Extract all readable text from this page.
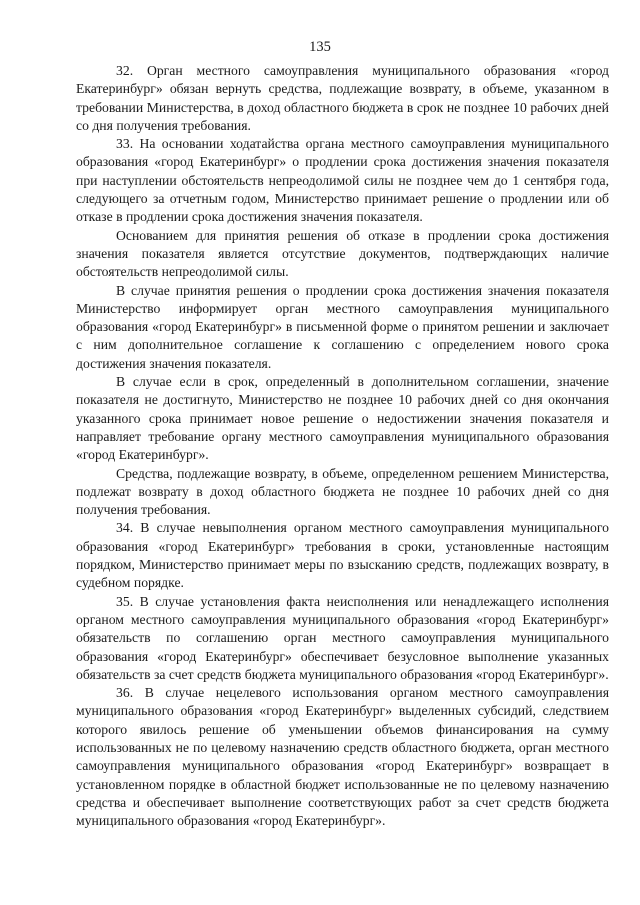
135

32. Орган местного самоуправления муниципального образования «город Екатеринбург» обязан вернуть средства, подлежащие возврату, в объеме, указанном в требовании Министерства, в доход областного бюджета в срок не позднее 10 рабочих дней со дня получения требования.

33. На основании ходатайства органа местного самоуправления муниципального образования «город Екатеринбург» о продлении срока достижения значения показателя при наступлении обстоятельств непреодолимой силы не позднее чем до 1 сентября года, следующего за отчетным годом, Министерство принимает решение о продлении или об отказе в продлении срока достижения значения показателя.

Основанием для принятия решения об отказе в продлении срока достижения значения показателя является отсутствие документов, подтверждающих наличие обстоятельств непреодолимой силы.

В случае принятия решения о продлении срока достижения значения показателя Министерство информирует орган местного самоуправления муниципального образования «город Екатеринбург» в письменной форме о принятом решении и заключает с ним дополнительное соглашение к соглашению с определением нового срока достижения значения показателя.

В случае если в срок, определенный в дополнительном соглашении, значение показателя не достигнуто, Министерство не позднее 10 рабочих дней со дня окончания указанного срока принимает новое решение о недостижении значения показателя и направляет требование органу местного самоуправления муниципального образования «город Екатеринбург».

Средства, подлежащие возврату, в объеме, определенном решением Министерства, подлежат возврату в доход областного бюджета не позднее 10 рабочих дней со дня получения требования.

34. В случае невыполнения органом местного самоуправления муниципального образования «город Екатеринбург» требования в сроки, установленные настоящим порядком, Министерство принимает меры по взысканию средств, подлежащих возврату, в судебном порядке.

35. В случае установления факта неисполнения или ненадлежащего исполнения органом местного самоуправления муниципального образования «город Екатеринбург» обязательств по соглашению орган местного самоуправления муниципального образования «город Екатеринбург» обеспечивает безусловное выполнение указанных обязательств за счет средств бюджета муниципального образования «город Екатеринбург».

36. В случае нецелевого использования органом местного самоуправления муниципального образования «город Екатеринбург» выделенных субсидий, следствием которого явилось решение об уменьшении объемов финансирования на сумму использованных не по целевому назначению средств областного бюджета, орган местного самоуправления муниципального образования «город Екатеринбург» возвращает в установленном порядке в областной бюджет использованные не по целевому назначению средства и обеспечивает выполнение соответствующих работ за счет средств бюджета муниципального образования «город Екатеринбург».
